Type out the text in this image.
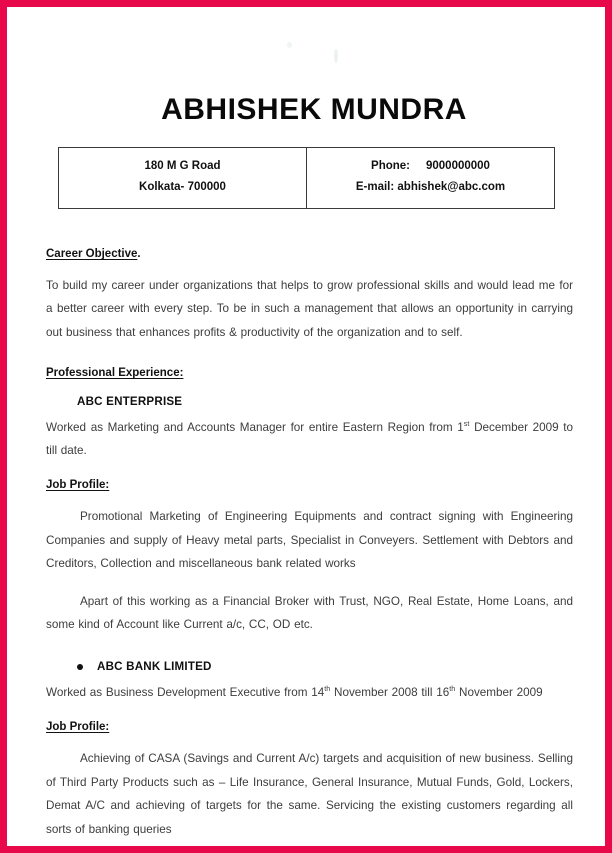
ABHISHEK MUNDRA
180 M G Road
Kolkata- 700000

Phone:     9000000000
E-mail: abhishek@abc.com
Career Objective.

To build my career under organizations that helps to grow professional skills and would lead me for a better career with every step. To be in such a management that allows an opportunity in carrying out business that enhances profits & productivity of the organization and to self.

Professional Experience:
ABC ENTERPRISE

Worked as Marketing and Accounts Manager for entire Eastern Region from 1st December 2009 to till date.

Job Profile:

Promotional Marketing of Engineering Equipments and contract signing with Engineering Companies and supply of Heavy metal parts, Specialist in Conveyers. Settlement with Debtors and Creditors, Collection and miscellaneous bank related works

Apart of this working as a Financial Broker with Trust, NGO, Real Estate, Home Loans, and some kind of Account like Current a/c, CC, OD etc.

ABC BANK LIMITED

Worked as Business Development Executive from 14th November 2008 till 16th November 2009

Job Profile:

Achieving of CASA (Savings and Current A/c) targets and acquisition of new business. Selling of Third Party Products such as – Life Insurance, General Insurance, Mutual Funds, Gold, Lockers, Demat A/C and achieving of targets for the same. Servicing the existing customers regarding all sorts of banking queries
